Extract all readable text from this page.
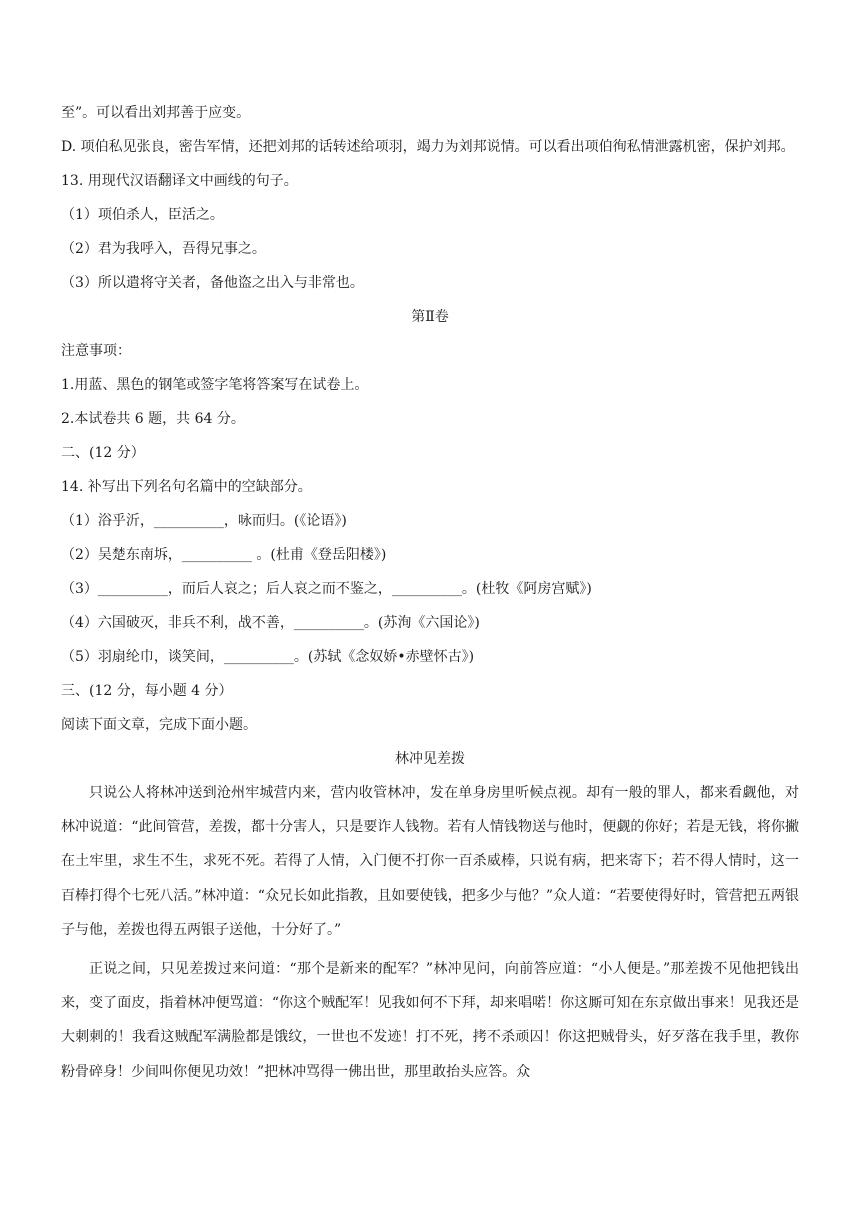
至”。可以看出刘邦善于应变。
D. 项伯私见张良，密告军情，还把刘邦的话转述给项羽，竭力为刘邦说情。可以看出项伯徇私情泄露机密，保护刘邦。
13. 用现代汉语翻译文中画线的句子。
（1）项伯杀人，臣活之。
（2）君为我呼入，吾得兄事之。
（3）所以遣将守关者，备他盗之出入与非常也。
第Ⅱ卷
注意事项：
1.用蓝、黑色的钢笔或签字笔将答案写在试卷上。
2.本试卷共 6 题，共 64 分。
二、(12 分）
14. 补写出下列名句名篇中的空缺部分。
（1）浴乎沂，__________，咏而归。(《论语》)
（2）吴楚东南坼，__________ 。(杜甫《登岳阳楼》)
（3）__________，而后人哀之；后人哀之而不鉴之，__________。(杜牧《阿房宫赋》)
（4）六国破灭，非兵不利，战不善，__________。(苏洵《六国论》)
（5）羽扇纶巾，谈笑间，__________。(苏轼《念奴娇•赤壁怀古》)
三、(12 分，每小题 4 分）
阅读下面文章，完成下面小题。
林冲见差拨
只说公人将林冲送到沧州牢城营内来，营内收管林冲，发在单身房里听候点视。却有一般的罪人，都来看觑他，对林冲说道：“此间管营，差拨，都十分害人，只是要诈人钱物。若有人情钱物送与他时，便觑的你好；若是无钱，将你撇在土牢里，求生不生，求死不死。若得了人情，入门便不打你一百杀威棒，只说有病，把来寄下；若不得人情时，这一百棒打得个七死八活。”林冲道：“众兄长如此指教，且如要使钱，把多少与他？”众人道：“若要使得好时，管营把五两银子与他，差拨也得五两银子送他，十分好了。”
正说之间，只见差拨过来问道：“那个是新来的配军？”林冲见问，向前答应道：“小人便是。”那差拨不见他把钱出来，变了面皮，指着林冲便骂道：“你这个贼配军！见我如何不下拜，却来唱喏！你这厮可知在东京做出事来！见我还是大刺刺的！我看这贼配军满脸都是饿纹，一世也不发迹！打不死，拷不杀顽囚！你这把贼骨头，好歹落在我手里，教你粉骨碎身！少间叫你便见功效！”把林冲骂得一佛出世，那里敢抬头应答。众
